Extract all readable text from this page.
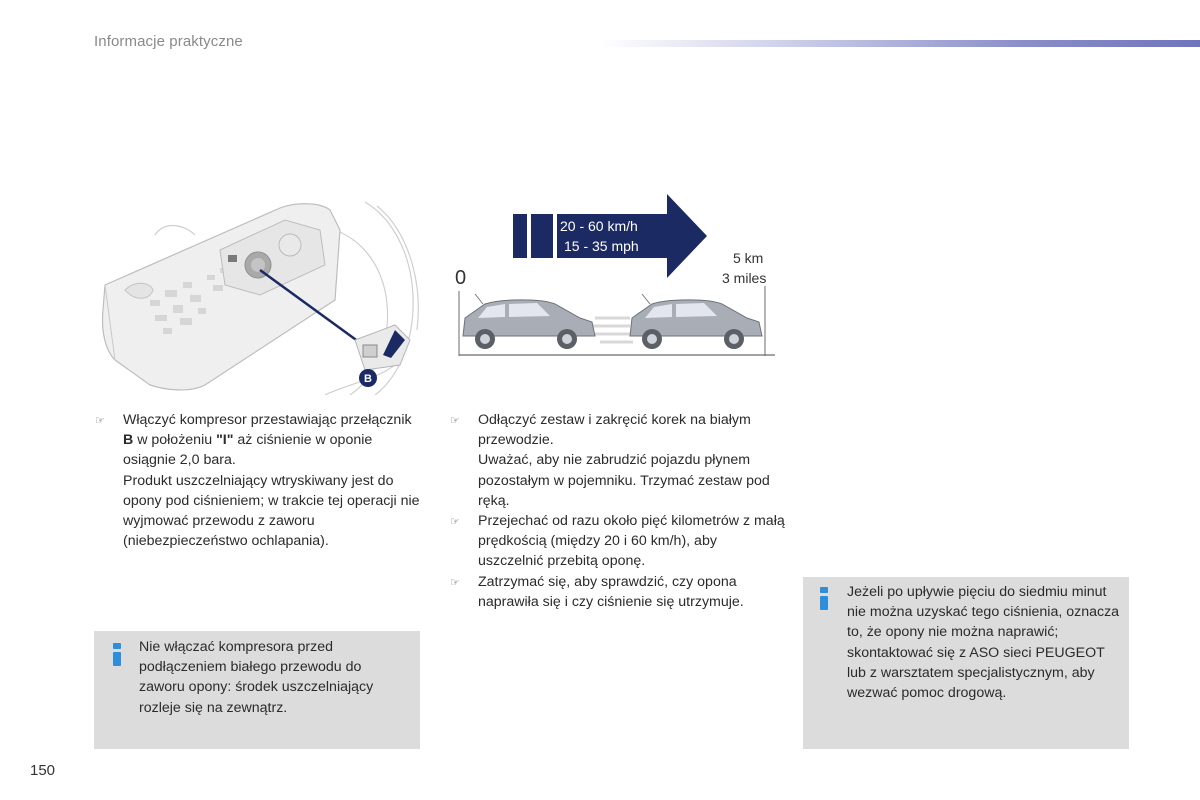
Informacje praktyczne
B
20 - 60 km/h
15 - 35 mph
0
5 km
3 miles
☞ Włączyć kompresor przestawiając przełącznik B w położeniu "I" aż ciśnienie w oponie osiągnie 2,0 bara.

Produkt uszczelniający wtryskiwany jest do opony pod ciśnieniem; w trakcie tej operacji nie wyjmować przewodu z zaworu (niebezpieczeństwo ochlapania).

☞ Odłączyć zestaw i zakręcić korek na białym przewodzie.

Uważać, aby nie zabrudzić pojazdu płynem pozostałym w pojemniku. Trzymać zestaw pod ręką.

☞ Przejechać od razu około pięć kilometrów z małą prędkością (między 20 i 60 km/h), aby uszczelnić przebitą oponę.

☞ Zatrzymać się, aby sprawdzić, czy opona naprawiła się i czy ciśnienie się utrzymuje.

Nie włączać kompresora przed podłączeniem białego przewodu do zaworu opony: środek uszczelniający rozleje się na zewnątrz.
Jeżeli po upływie pięciu do siedmiu minut nie można uzyskać tego ciśnienia, oznacza to, że opony nie można naprawić; skontaktować się z ASO sieci PEUGEOT lub z warsztatem specjalistycznym, aby wezwać pomoc drogową.
150
